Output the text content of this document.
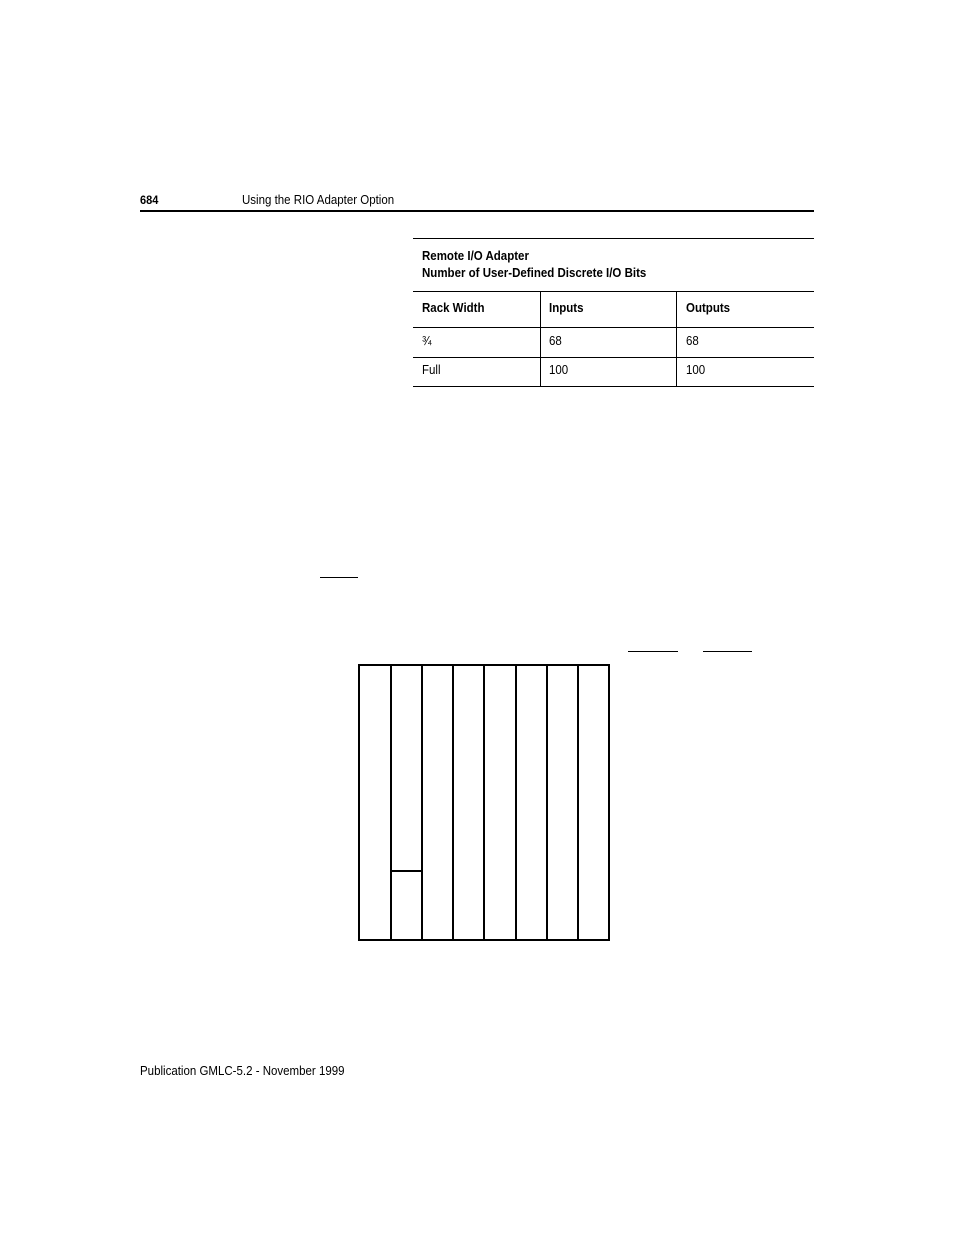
684	Using the RIO Adapter Option
Remote I/O Adapter
Number of User-Defined Discrete I/O Bits
Rack Width	Inputs	Outputs
¾	68	68
Full	100	100
Publication GMLC-5.2 - November 1999
